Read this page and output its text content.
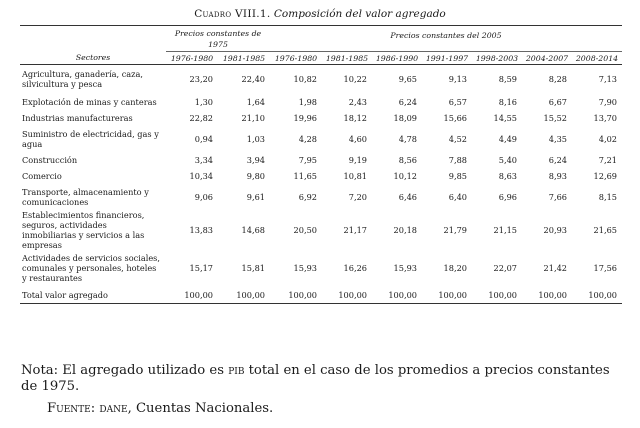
Cuadro VIII.1. Composición del valor agregado
	Precios constantes de 1975		Precios constantes del 2005						
Sectores	1976-1980	1981-1985	1976-1980	1981-1985	1986-1990	1991-1997	1998-2003	2004-2007	2008-2014
Agricultura, ganadería, caza, silvicultura y pesca	23,20	22,40	10,82	10,22	9,65	9,13	8,59	8,28	7,13
Explotación de minas y canteras	1,30	1,64	1,98	2,43	6,24	6,57	8,16	6,67	7,90
Industrias manufactureras	22,82	21,10	19,96	18,12	18,09	15,66	14,55	15,52	13,70
Suministro de electricidad, gas y agua	0,94	1,03	4,28	4,60	4,78	4,52	4,49	4,35	4,02
Construcción	3,34	3,94	7,95	9,19	8,56	7,88	5,40	6,24	7,21
Comercio	10,34	9,80	11,65	10,81	10,12	9,85	8,63	8,93	12,69
Transporte, almacenamiento y comunicaciones	9,06	9,61	6,92	7,20	6,46	6,40	6,96	7,66	8,15
Establecimientos financieros, seguros, actividades inmobiliarias y servicios a las empresas	13,83	14,68	20,50	21,17	20,18	21,79	21,15	20,93	21,65
Actividades de servicios sociales, comunales y personales, hoteles y restaurantes	15,17	15,81	15,93	16,26	15,93	18,20	22,07	21,42	17,56
Total valor agregado	100,00	100,00	100,00	100,00	100,00	100,00	100,00	100,00	100,00
Nota: El agregado utilizado es pib total en el caso de los promedios a precios constantes de 1975.
Fuente: dane, Cuentas Nacionales.
